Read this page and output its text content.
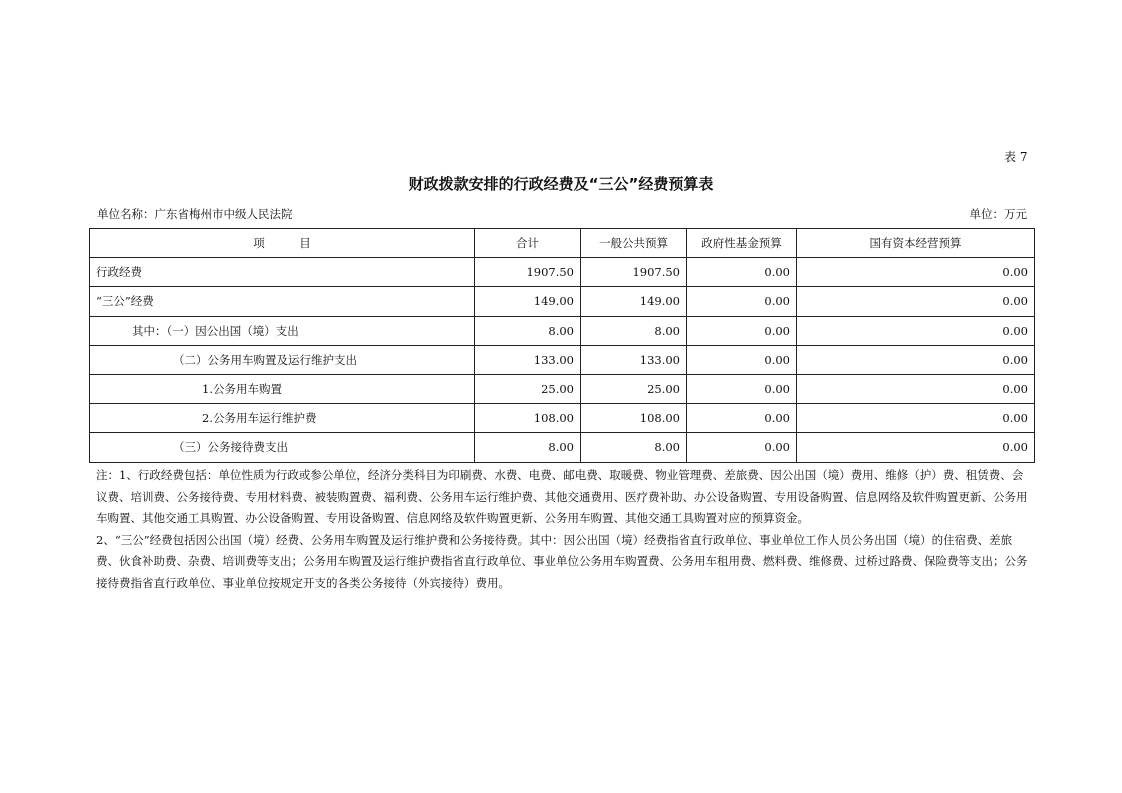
表 7
财政拨款安排的行政经费及“三公”经费预算表
单位名称：广东省梅州市中级人民法院	单位：万元
项　　　目	合计	一般公共预算	政府性基金预算	国有资本经营预算
行政经费	1907.50	1907.50	0.00	0.00
“三公”经费	149.00	149.00	0.00	0.00
其中：（一）因公出国（境）支出	8.00	8.00	0.00	0.00
（二）公务用车购置及运行维护支出	133.00	133.00	0.00	0.00
1.公务用车购置	25.00	25.00	0.00	0.00
2.公务用车运行维护费	108.00	108.00	0.00	0.00
（三）公务接待费支出	8.00	8.00	0.00	0.00

注：1、行政经费包括：单位性质为行政或参公单位，经济分类科目为印刷费、水费、电费、邮电费、取暖费、物业管理费、差旅费、因公出国（境）费用、维修（护）费、租赁费、会议费、培训费、公务接待费、专用材料费、被装购置费、福利费、公务用车运行维护费、其他交通费用、医疗费补助、办公设备购置、专用设备购置、信息网络及软件购置更新、公务用车购置、其他交通工具购置、办公设备购置、专用设备购置、信息网络及软件购置更新、公务用车购置、其他交通工具购置对应的预算资金。

2、“三公”经费包括因公出国（境）经费、公务用车购置及运行维护费和公务接待费。其中：因公出国（境）经费指省直行政单位、事业单位工作人员公务出国（境）的住宿费、差旅费、伙食补助费、杂费、培训费等支出；公务用车购置及运行维护费指省直行政单位、事业单位公务用车购置费、公务用车租用费、燃料费、维修费、过桥过路费、保险费等支出；公务接待费指省直行政单位、事业单位按规定开支的各类公务接待（外宾接待）费用。
